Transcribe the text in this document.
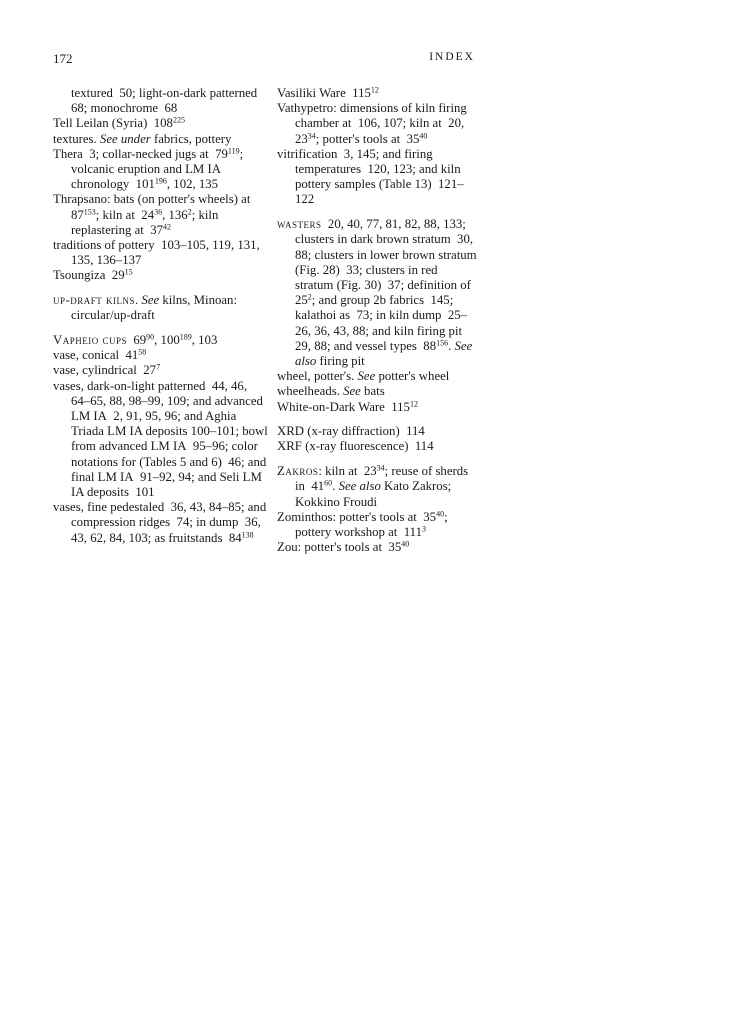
172	INDEX

textured  50; light-on-dark patterned  68; monochrome  68

Tell Leilan (Syria)  $108^{225}$

textures. See under fabrics, pottery

Thera  3; collar-necked jugs at  $79^{119}$; volcanic eruption and LM IA chronology  $101^{196}$, 102, 135

Thrapsano: bats (on potter's wheels) at  $87^{153}$; kiln at  $24^{36}$, $136^2$; kiln replastering at  $37^{42}$

traditions of pottery  103–105, 119, 131, 135, 136–137

Tsoungiza  $29^{15}$

up-draft kilns. See kilns, Minoan: circular/up-draft

Vapheio cups  $69^{90}$, $100^{189}$, 103

vase, conical  $41^{58}$

vase, cylindrical  $27^7$

vases, dark-on-light patterned  44, 46, 64–65, 88, 98–99, 109; and advanced LM IA  2, 91, 95, 96; and Aghia Triada LM IA deposits 100–101; bowl from advanced LM IA  95–96; color notations for (Tables 5 and 6)  46; and final LM IA  91–92, 94; and Seli LM IA deposits  101

vases, fine pedestaled  36, 43, 84–85; and compression ridges  74; in dump  36, 43, 62, 84, 103; as fruitstands  $84^{138}$

Vasiliki Ware  $115^{12}$

Vathypetro: dimensions of kiln firing chamber at  106, 107; kiln at  20, $23^{34}$; potter's tools at  $35^{40}$

vitrification  3, 145; and firing temperatures  120, 123; and kiln pottery samples (Table 13)  121–122

wasters  20, 40, 77, 81, 82, 88, 133; clusters in dark brown stratum  30, 88; clusters in lower brown stratum (Fig. 28)  33; clusters in red stratum (Fig. 30)  37; definition of  $25^2$; and group 2b fabrics  145; kalathoi as  73; in kiln dump  25–26, 36, 43, 88; and kiln firing pit  29, 88; and vessel types  $88^{156}$. See also firing pit

wheel, potter's. See potter's wheel

wheelheads. See bats

White-on-Dark Ware  $115^{12}$

XRD (x-ray diffraction)  114

XRF (x-ray fluorescence)  114

Zakros: kiln at  $23^{34}$; reuse of sherds in  $41^{60}$. See also Kato Zakros; Kokkino Froudi

Zominthos: potter's tools at  $35^{40}$; pottery workshop at  $111^3$

Zou: potter's tools at  $35^{40}$
